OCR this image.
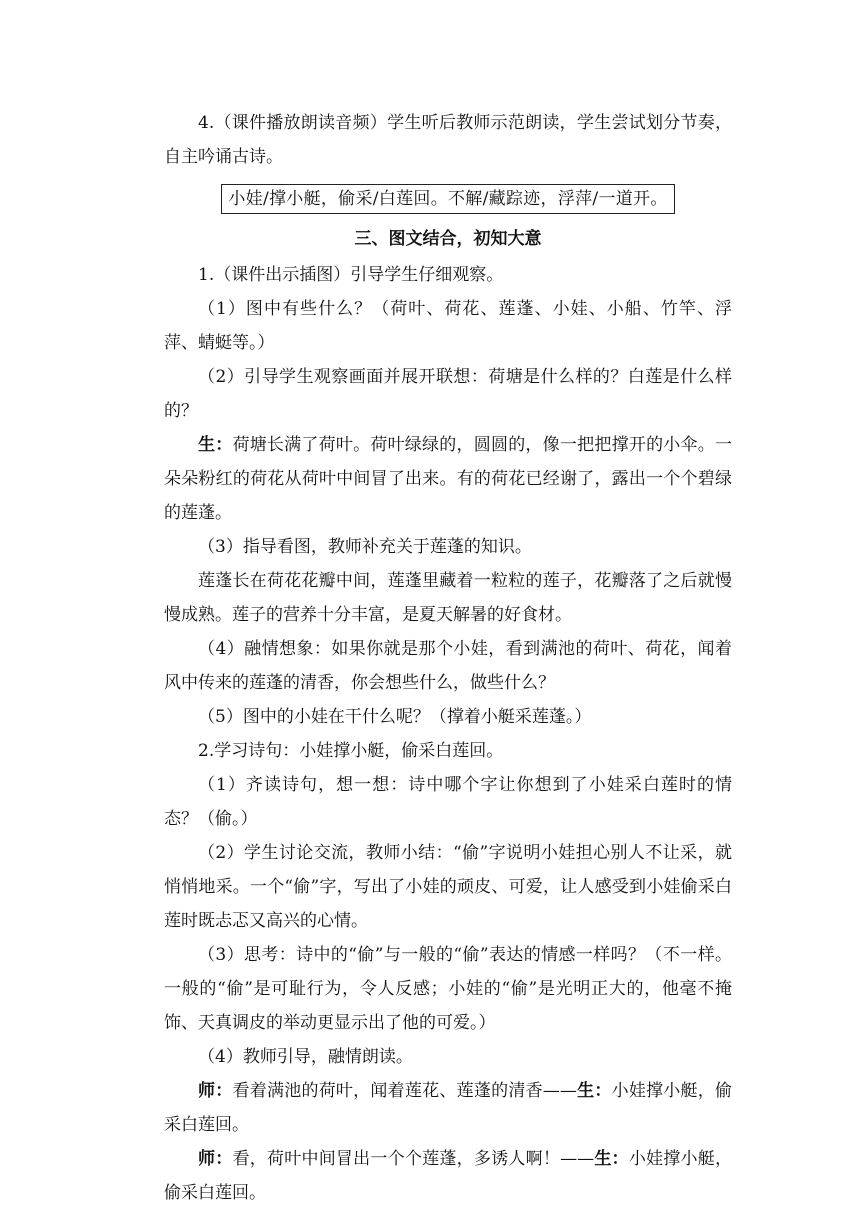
4.（课件播放朗读音频）学生听后教师示范朗读，学生尝试划分节奏，自主吟诵古诗。

小娃/撑小艇，偷采/白莲回。不解/藏踪迹，浮萍/一道开。
三、图文结合，初知大意

1.（课件出示插图）引导学生仔细观察。

（1）图中有些什么？（荷叶、荷花、莲蓬、小娃、小船、竹竿、浮萍、蜻蜓等。）

（2）引导学生观察画面并展开联想：荷塘是什么样的？白莲是什么样的？

生：荷塘长满了荷叶。荷叶绿绿的，圆圆的，像一把把撑开的小伞。一朵朵粉红的荷花从荷叶中间冒了出来。有的荷花已经谢了，露出一个个碧绿的莲蓬。

（3）指导看图，教师补充关于莲蓬的知识。

莲蓬长在荷花花瓣中间，莲蓬里藏着一粒粒的莲子，花瓣落了之后就慢慢成熟。莲子的营养十分丰富，是夏天解暑的好食材。

（4）融情想象：如果你就是那个小娃，看到满池的荷叶、荷花，闻着风中传来的莲蓬的清香，你会想些什么，做些什么？

（5）图中的小娃在干什么呢？（撑着小艇采莲蓬。）

2.学习诗句：小娃撑小艇，偷采白莲回。

（1）齐读诗句，想一想：诗中哪个字让你想到了小娃采白莲时的情态？（偷。）

（2）学生讨论交流，教师小结：“偷”字说明小娃担心别人不让采，就悄悄地采。一个“偷”字，写出了小娃的顽皮、可爱，让人感受到小娃偷采白莲时既忐忑又高兴的心情。

（3）思考：诗中的“偷”与一般的“偷”表达的情感一样吗？（不一样。一般的“偷”是可耻行为，令人反感；小娃的“偷”是光明正大的，他毫不掩饰、天真调皮的举动更显示出了他的可爱。）

（4）教师引导，融情朗读。

师：看着满池的荷叶，闻着莲花、莲蓬的清香——生：小娃撑小艇，偷采白莲回。

师：看，荷叶中间冒出一个个莲蓬，多诱人啊！——生：小娃撑小艇，偷采白莲回。
